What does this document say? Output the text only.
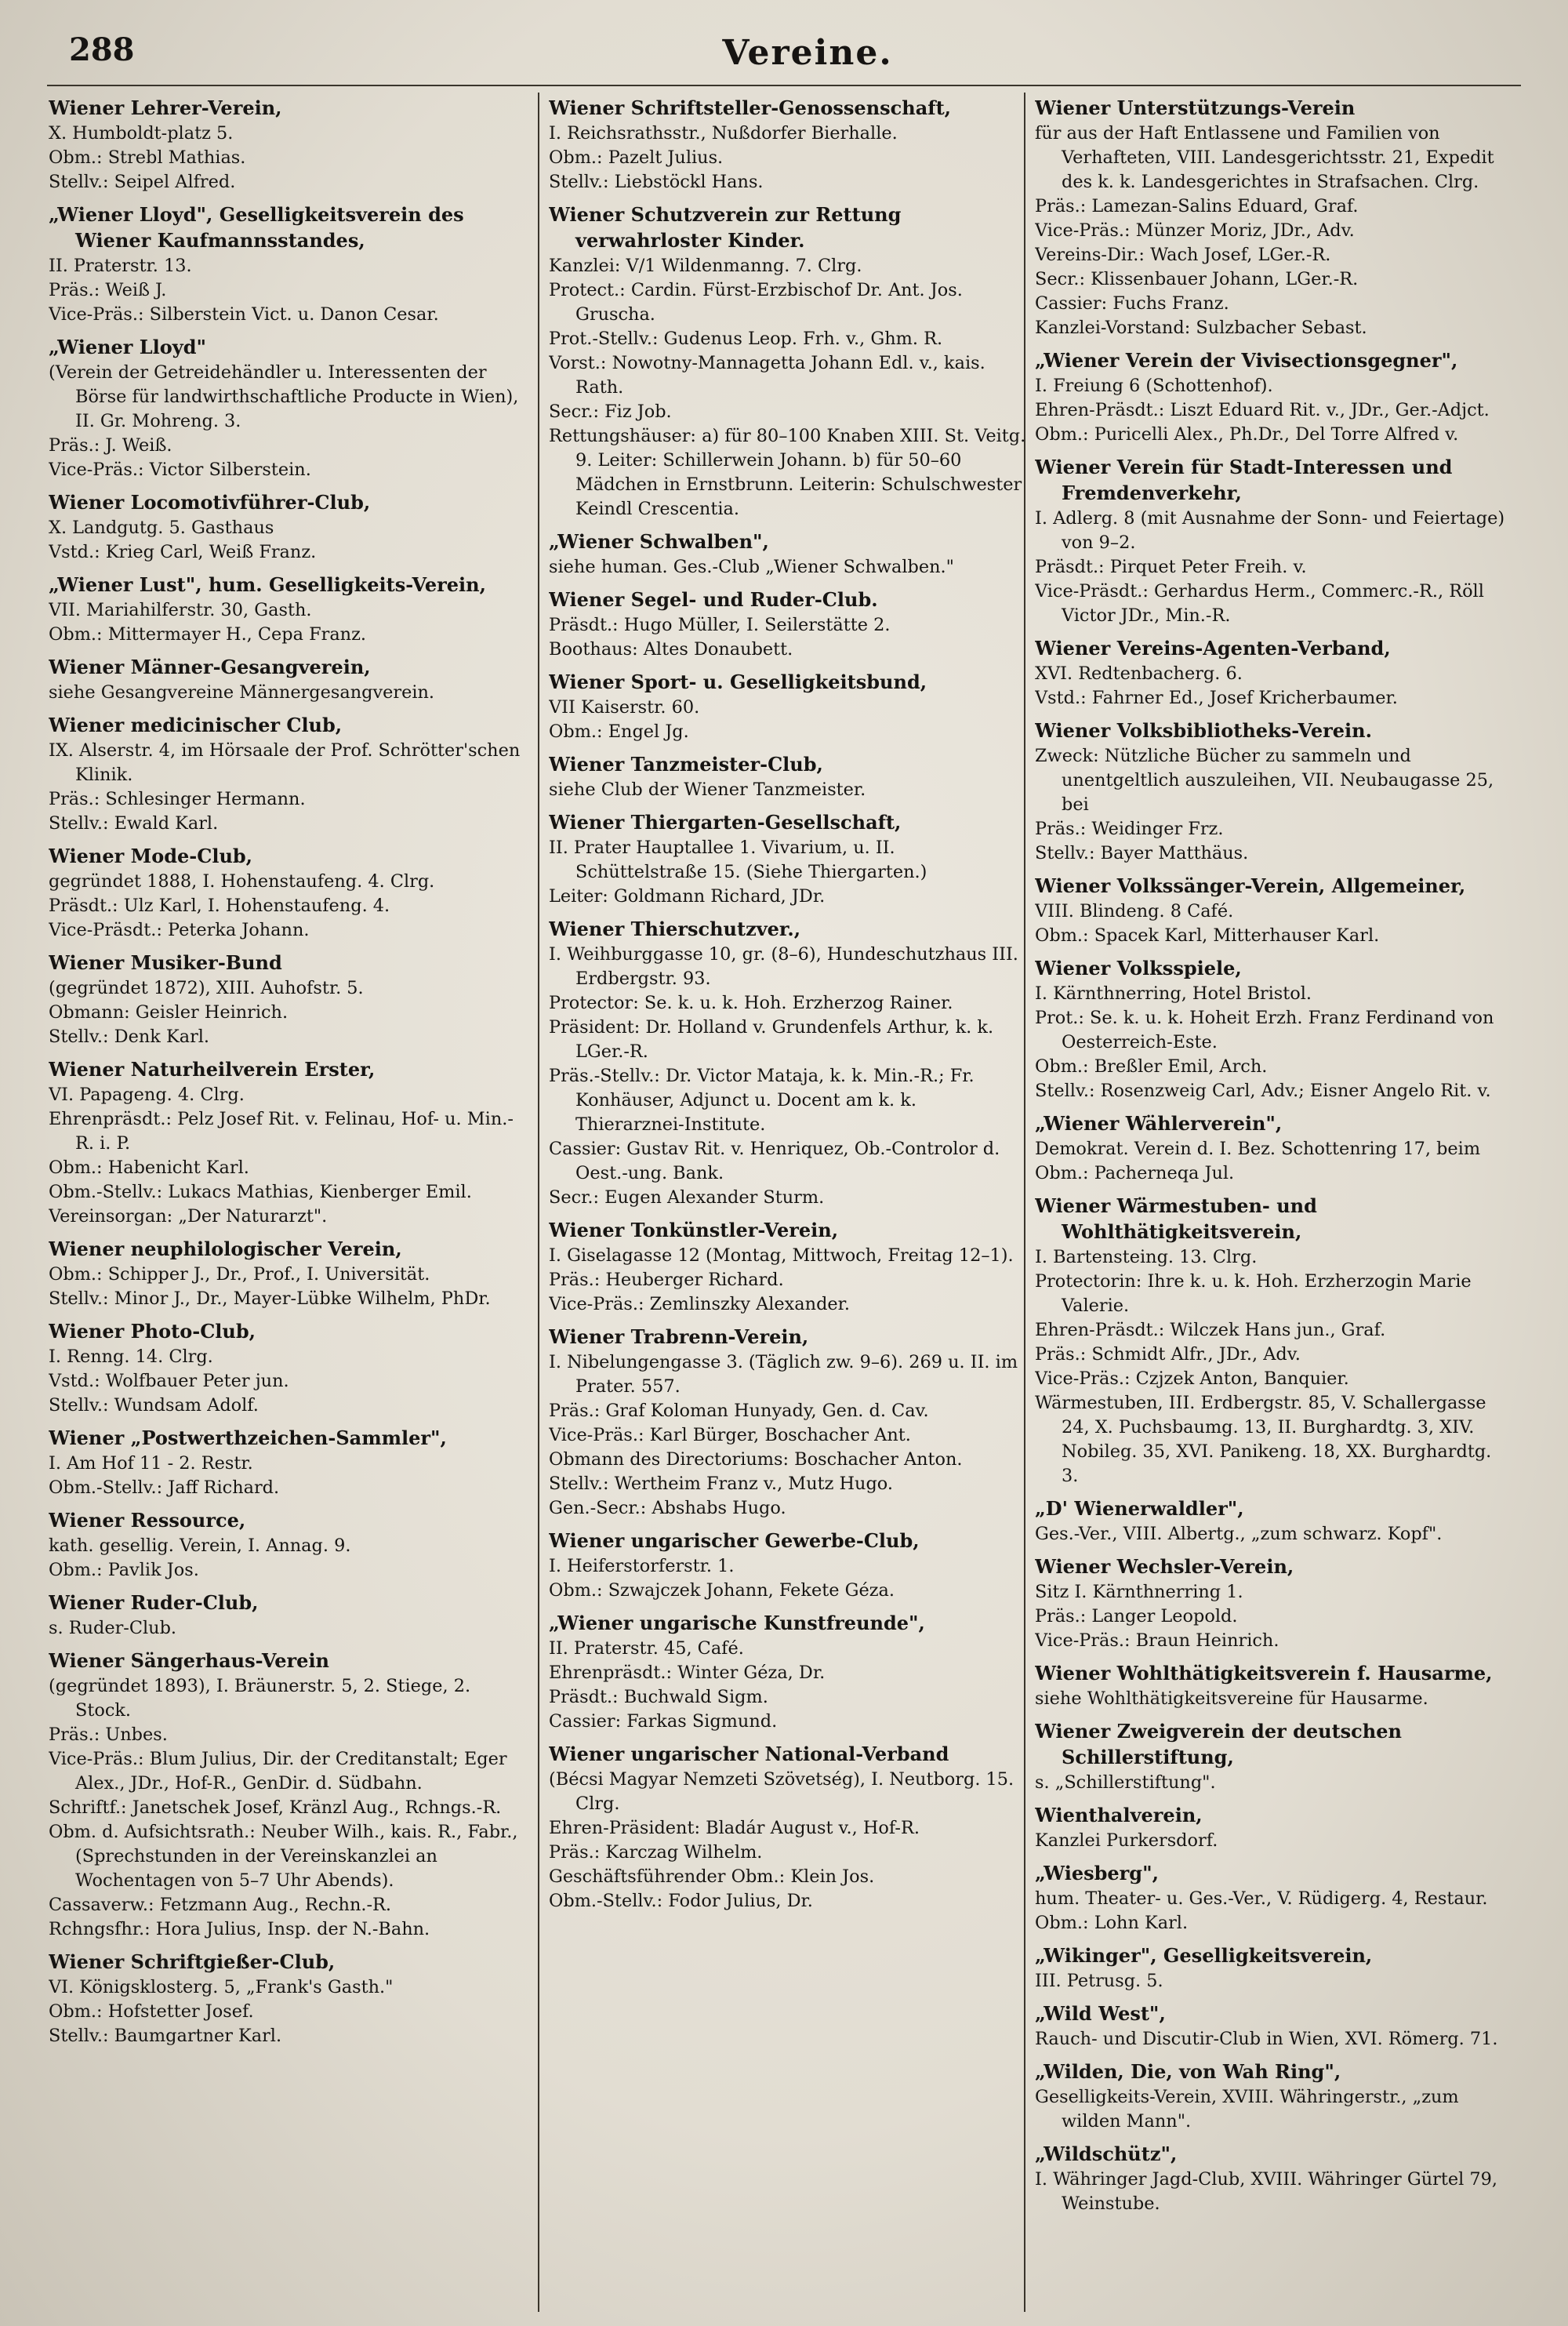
288	Vereine.
Wiener Lehrer-Verein,
X. Humboldt-platz 5.
Obm.: Strebl Mathias.
Stellv.: Seipel Alfred.
„Wiener Lloyd", Geselligkeitsverein des Wiener Kaufmannsstandes,
II. Praterstr. 13.
Präs.: Weiß J.
Vice-Präs.: Silberstein Vict. u. Danon Cesar.
„Wiener Lloyd"
(Verein der Getreidehändler u. Interessenten der Börse für landwirthschaftliche Producte in Wien), II. Gr. Mohreng. 3.
Präs.: J. Weiß.
Vice-Präs.: Victor Silberstein.
Wiener Locomotivführer-Club,
X. Landgutg. 5. Gasthaus
Vstd.: Krieg Carl, Weiß Franz.
„Wiener Lust", hum. Geselligkeits-Verein,
VII. Mariahilferstr. 30, Gasth.
Obm.: Mittermayer H., Cepa Franz.
Wiener Männer-Gesangverein,
siehe Gesangvereine Männergesangverein.
Wiener medicinischer Club,
IX. Alserstr. 4, im Hörsaale der Prof. Schrötter'schen Klinik.
Präs.: Schlesinger Hermann.
Stellv.: Ewald Karl.
Wiener Mode-Club,
gegründet 1888, I. Hohenstaufeng. 4. Clrg.
Präsdt.: Ulz Karl, I. Hohenstaufeng. 4.
Vice-Präsdt.: Peterka Johann.
Wiener Musiker-Bund
(gegründet 1872), XIII. Auhofstr. 5.
Obmann: Geisler Heinrich.
Stellv.: Denk Karl.
Wiener Naturheilverein Erster,
VI. Papageng. 4. Clrg.
Ehrenpräsdt.: Pelz Josef Rit. v. Felinau, Hof- u. Min.-R. i. P.
Obm.: Habenicht Karl.
Obm.-Stellv.: Lukacs Mathias, Kienberger Emil.
Vereinsorgan: „Der Naturarzt".
Wiener neuphilologischer Verein,
Obm.: Schipper J., Dr., Prof., I. Universität.
Stellv.: Minor J., Dr., Mayer-Lübke Wilhelm, PhDr.
Wiener Photo-Club,
I. Renng. 14. Clrg.
Vstd.: Wolfbauer Peter jun.
Stellv.: Wundsam Adolf.
Wiener „Postwerthzeichen-Sammler",
I. Am Hof 11 - 2. Restr.
Obm.-Stellv.: Jaff Richard.
Wiener Ressource,
kath. gesellig. Verein, I. Annag. 9.
Obm.: Pavlik Jos.
Wiener Ruder-Club,
s. Ruder-Club.
Wiener Sängerhaus-Verein
(gegründet 1893), I. Bräunerstr. 5, 2. Stiege, 2. Stock.
Präs.: Unbes.
Vice-Präs.: Blum Julius, Dir. der Creditanstalt; Eger Alex., JDr., Hof-R., GenDir. d. Südbahn.
Schriftf.: Janetschek Josef, Kränzl Aug., Rchngs.-R.
Obm. d. Aufsichtsrath.: Neuber Wilh., kais. R., Fabr., (Sprechstunden in der Vereinskanzlei an Wochentagen von 5–7 Uhr Abends).
Cassaverw.: Fetzmann Aug., Rechn.-R.
Rchngsfhr.: Hora Julius, Insp. der N.-Bahn.
Wiener Schriftgießer-Club,
VI. Königsklosterg. 5, „Frank's Gasth."
Obm.: Hofstetter Josef.
Stellv.: Baumgartner Karl.
Wiener Schriftsteller-Genossenschaft,
I. Reichsrathsstr., Nußdorfer Bierhalle.
Obm.: Pazelt Julius.
Stellv.: Liebstöckl Hans.
Wiener Schutzverein zur Rettung verwahrloster Kinder.
Kanzlei: V/1 Wildenmanng. 7. Clrg.
Protect.: Cardin. Fürst-Erzbischof Dr. Ant. Jos. Gruscha.
Prot.-Stellv.: Gudenus Leop. Frh. v., Ghm. R.
Vorst.: Nowotny-Mannagetta Johann Edl. v., kais. Rath.
Secr.: Fiz Job.
Rettungshäuser: a) für 80–100 Knaben XIII. St. Veitg. 9. Leiter: Schillerwein Johann. b) für 50–60 Mädchen in Ernstbrunn. Leiterin: Schulschwester Keindl Crescentia.
„Wiener Schwalben",
siehe human. Ges.-Club „Wiener Schwalben."
Wiener Segel- und Ruder-Club.
Präsdt.: Hugo Müller, I. Seilerstätte 2.
Boothaus: Altes Donaubett.
Wiener Sport- u. Geselligkeitsbund,
VII Kaiserstr. 60.
Obm.: Engel Jg.
Wiener Tanzmeister-Club,
siehe Club der Wiener Tanzmeister.
Wiener Thiergarten-Gesellschaft,
II. Prater Hauptallee 1. Vivarium, u. II. Schüttelstraße 15. (Siehe Thiergarten.)
Leiter: Goldmann Richard, JDr.
Wiener Thierschutzver.,
I. Weihburggasse 10, gr. (8–6), Hundeschutzhaus III. Erdbergstr. 93.
Protector: Se. k. u. k. Hoh. Erzherzog Rainer.
Präsident: Dr. Holland v. Grundenfels Arthur, k. k. LGer.-R.
Präs.-Stellv.: Dr. Victor Mataja, k. k. Min.-R.; Fr. Konhäuser, Adjunct u. Docent am k. k. Thierarznei-Institute.
Cassier: Gustav Rit. v. Henriquez, Ob.-Controlor d. Oest.-ung. Bank.
Secr.: Eugen Alexander Sturm.
Wiener Tonkünstler-Verein,
I. Giselagasse 12 (Montag, Mittwoch, Freitag 12–1).
Präs.: Heuberger Richard.
Vice-Präs.: Zemlinszky Alexander.
Wiener Trabrenn-Verein,
I. Nibelungengasse 3. (Täglich zw. 9–6). 269 u. II. im Prater. 557.
Präs.: Graf Koloman Hunyady, Gen. d. Cav.
Vice-Präs.: Karl Bürger, Boschacher Ant.
Obmann des Directoriums: Boschacher Anton.
Stellv.: Wertheim Franz v., Mutz Hugo.
Gen.-Secr.: Abshabs Hugo.
Wiener ungarischer Gewerbe-Club,
I. Heiferstorferstr. 1.
Obm.: Szwajczek Johann, Fekete Géza.
„Wiener ungarische Kunstfreunde",
II. Praterstr. 45, Café.
Ehrenpräsdt.: Winter Géza, Dr.
Präsdt.: Buchwald Sigm.
Cassier: Farkas Sigmund.
Wiener ungarischer National-Verband
(Bécsi Magyar Nemzeti Szövetség), I. Neutborg. 15. Clrg.
Ehren-Präsident: Bladár August v., Hof-R.
Präs.: Karczag Wilhelm.
Geschäftsführender Obm.: Klein Jos.
Obm.-Stellv.: Fodor Julius, Dr.
Wiener Unterstützungs-Verein
für aus der Haft Entlassene und Familien von Verhafteten, VIII. Landesgerichtsstr. 21, Expedit des k. k. Landesgerichtes in Strafsachen. Clrg.
Präs.: Lamezan-Salins Eduard, Graf.
Vice-Präs.: Münzer Moriz, JDr., Adv.
Vereins-Dir.: Wach Josef, LGer.-R.
Secr.: Klissenbauer Johann, LGer.-R.
Cassier: Fuchs Franz.
Kanzlei-Vorstand: Sulzbacher Sebast.
„Wiener Verein der Vivisectionsgegner",
I. Freiung 6 (Schottenhof).
Ehren-Präsdt.: Liszt Eduard Rit. v., JDr., Ger.-Adjct.
Obm.: Puricelli Alex., Ph.Dr., Del Torre Alfred v.
Wiener Verein für Stadt-Interessen und Fremdenverkehr,
I. Adlerg. 8 (mit Ausnahme der Sonn- und Feiertage) von 9–2.
Präsdt.: Pirquet Peter Freih. v.
Vice-Präsdt.: Gerhardus Herm., Commerc.-R., Röll Victor JDr., Min.-R.
Wiener Vereins-Agenten-Verband,
XVI. Redtenbacherg. 6.
Vstd.: Fahrner Ed., Josef Kricherbaumer.
Wiener Volksbibliotheks-Verein.
Zweck: Nützliche Bücher zu sammeln und unentgeltlich auszuleihen, VII. Neubaugasse 25, bei
Präs.: Weidinger Frz.
Stellv.: Bayer Matthäus.
Wiener Volkssänger-Verein, Allgemeiner,
VIII. Blindeng. 8 Café.
Obm.: Spacek Karl, Mitterhauser Karl.
Wiener Volksspiele,
I. Kärnthnerring, Hotel Bristol.
Prot.: Se. k. u. k. Hoheit Erzh. Franz Ferdinand von Oesterreich-Este.
Obm.: Breßler Emil, Arch.
Stellv.: Rosenzweig Carl, Adv.; Eisner Angelo Rit. v.
„Wiener Wählerverein",
Demokrat. Verein d. I. Bez. Schottenring 17, beim
Obm.: Pacherneqa Jul.
Wiener Wärmestuben- und Wohlthätigkeitsverein,
I. Bartensteing. 13. Clrg.
Protectorin: Ihre k. u. k. Hoh. Erzherzogin Marie Valerie.
Ehren-Präsdt.: Wilczek Hans jun., Graf.
Präs.: Schmidt Alfr., JDr., Adv.
Vice-Präs.: Czjzek Anton, Banquier.
Wärmestuben, III. Erdbergstr. 85, V. Schallergasse 24, X. Puchsbaumg. 13, II. Burghardtg. 3, XIV. Nobileg. 35, XVI. Panikeng. 18, XX. Burghardtg. 3.
„D' Wienerwaldler",
Ges.-Ver., VIII. Albertg., „zum schwarz. Kopf".
Wiener Wechsler-Verein,
Sitz I. Kärnthnerring 1.
Präs.: Langer Leopold.
Vice-Präs.: Braun Heinrich.
Wiener Wohlthätigkeitsverein f. Hausarme,
siehe Wohlthätigkeitsvereine für Hausarme.
Wiener Zweigverein der deutschen Schillerstiftung,
s. „Schillerstiftung".
Wienthalverein,
Kanzlei Purkersdorf.
„Wiesberg",
hum. Theater- u. Ges.-Ver., V. Rüdigerg. 4, Restaur.
Obm.: Lohn Karl.
„Wikinger", Geselligkeitsverein,
III. Petrusg. 5.
„Wild West",
Rauch- und Discutir-Club in Wien, XVI. Römerg. 71.
„Wilden, Die, von Wah Ring",
Geselligkeits-Verein, XVIII. Währingerstr., „zum wilden Mann".
„Wildschütz",
I. Währinger Jagd-Club, XVIII. Währinger Gürtel 79, Weinstube.
